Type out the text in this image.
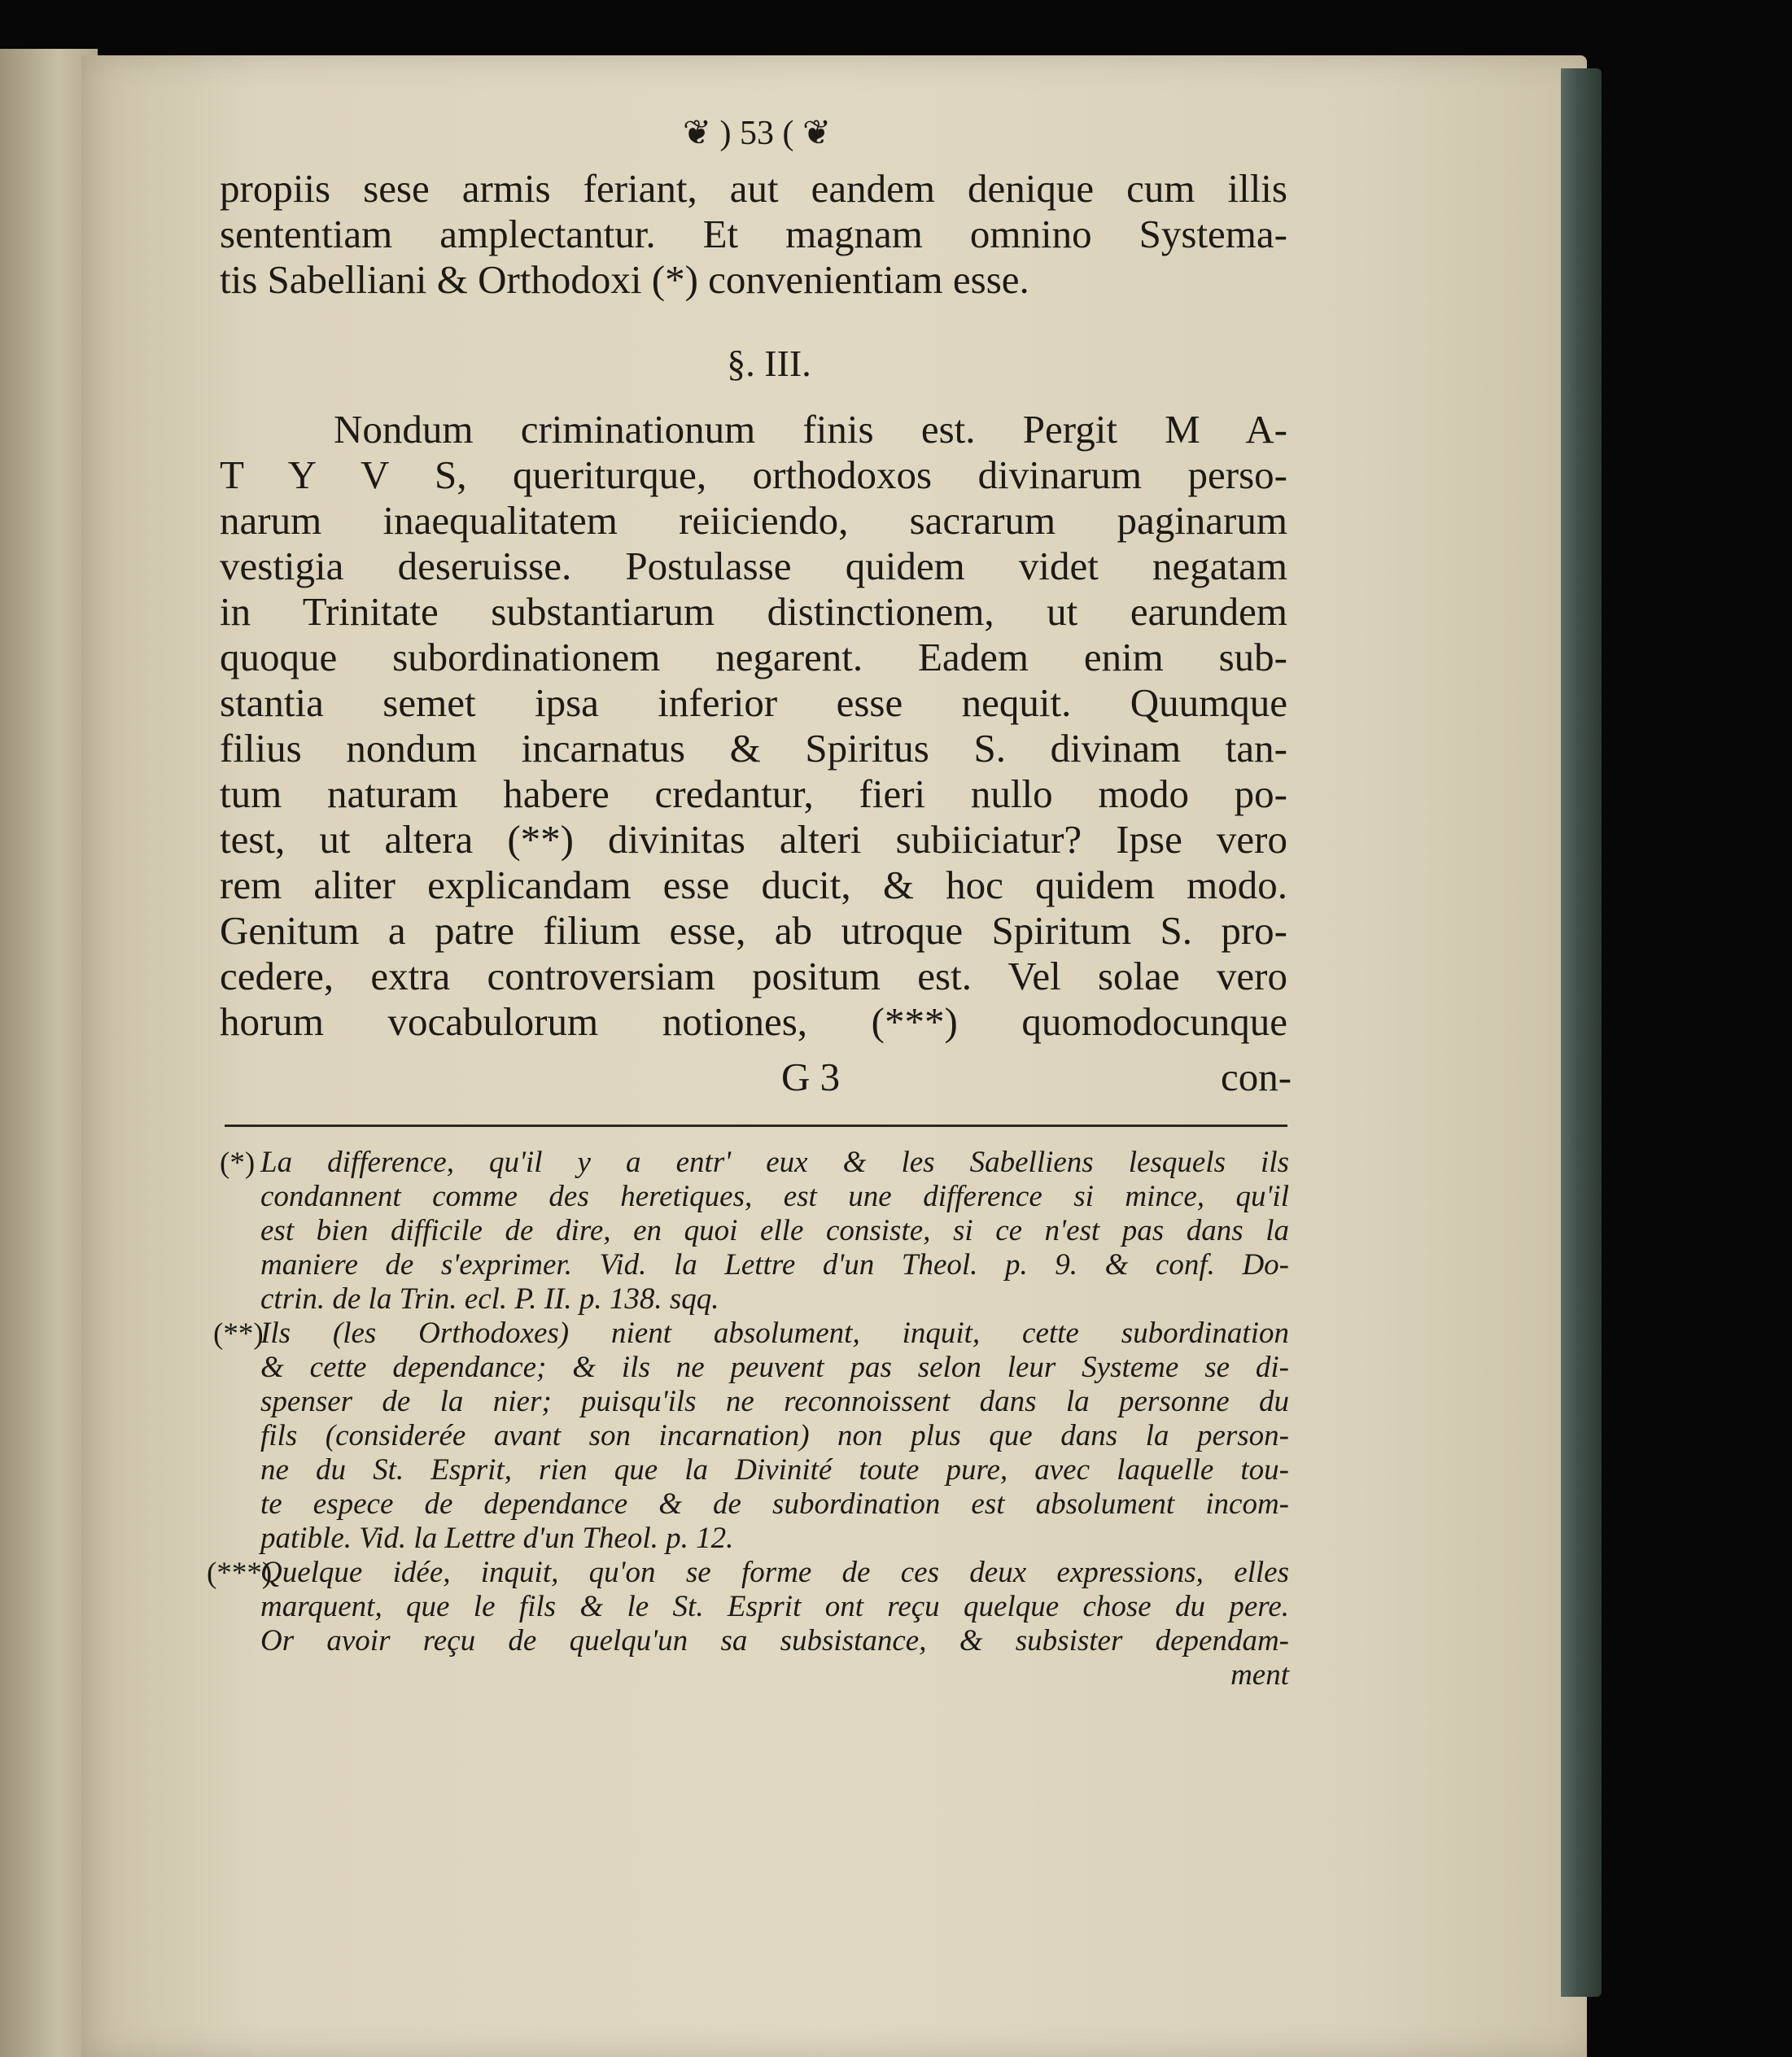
❦ ) 53 ( ❦
propiis sese armis feriant, aut eandem denique cum illis
sententiam amplectantur. Et magnam omnino Systema-
tis Sabelliani & Orthodoxi (*) convenientiam esse.
§. III.
Nondum criminationum finis est. Pergit M A-
T Y V S, queriturque, orthodoxos divinarum perso-
narum inaequalitatem reiiciendo, sacrarum paginarum
vestigia deseruisse. Postulasse quidem videt negatam
in Trinitate substantiarum distinctionem, ut earundem
quoque subordinationem negarent. Eadem enim sub-
stantia semet ipsa inferior esse nequit. Quumque
filius nondum incarnatus & Spiritus S. divinam tan-
tum naturam habere credantur, fieri nullo modo po-
test, ut altera (**) divinitas alteri subiiciatur? Ipse vero
rem aliter explicandam esse ducit, & hoc quidem modo.
Genitum a patre filium esse, ab utroque Spiritum S. pro-
cedere, extra controversiam positum est. Vel solae vero
horum vocabulorum notiones, (***) quomodocunque
G 3	con-
(*) La difference, qu'il y a entr' eux & les Sabelliens lesquels ils
condannent comme des heretiques, est une difference si mince, qu'il
est bien difficile de dire, en quoi elle consiste, si ce n'est pas dans la
maniere de s'exprimer. Vid. la Lettre d'un Theol. p. 9. & conf. Do-
ctrin. de la Trin. ecl. P. II. p. 138. sqq.
(**)
Ils (les Orthodoxes) nient absolument, inquit, cette subordination
& cette dependance; & ils ne peuvent pas selon leur Systeme se di-
spenser de la nier; puisqu'ils ne reconnoissent dans la personne du
fils (considerée avant son incarnation) non plus que dans la person-
ne du St. Esprit, rien que la Divinité toute pure, avec laquelle tou-
te espece de dependance & de subordination est absolument incom-
patible. Vid. la Lettre d'un Theol. p. 12.
(***)
Quelque idée, inquit, qu'on se forme de ces deux expressions, elles
marquent, que le fils & le St. Esprit ont reçu quelque chose du pere.
Or avoir reçu de quelqu'un sa subsistance, & subsister dependam-
ment
